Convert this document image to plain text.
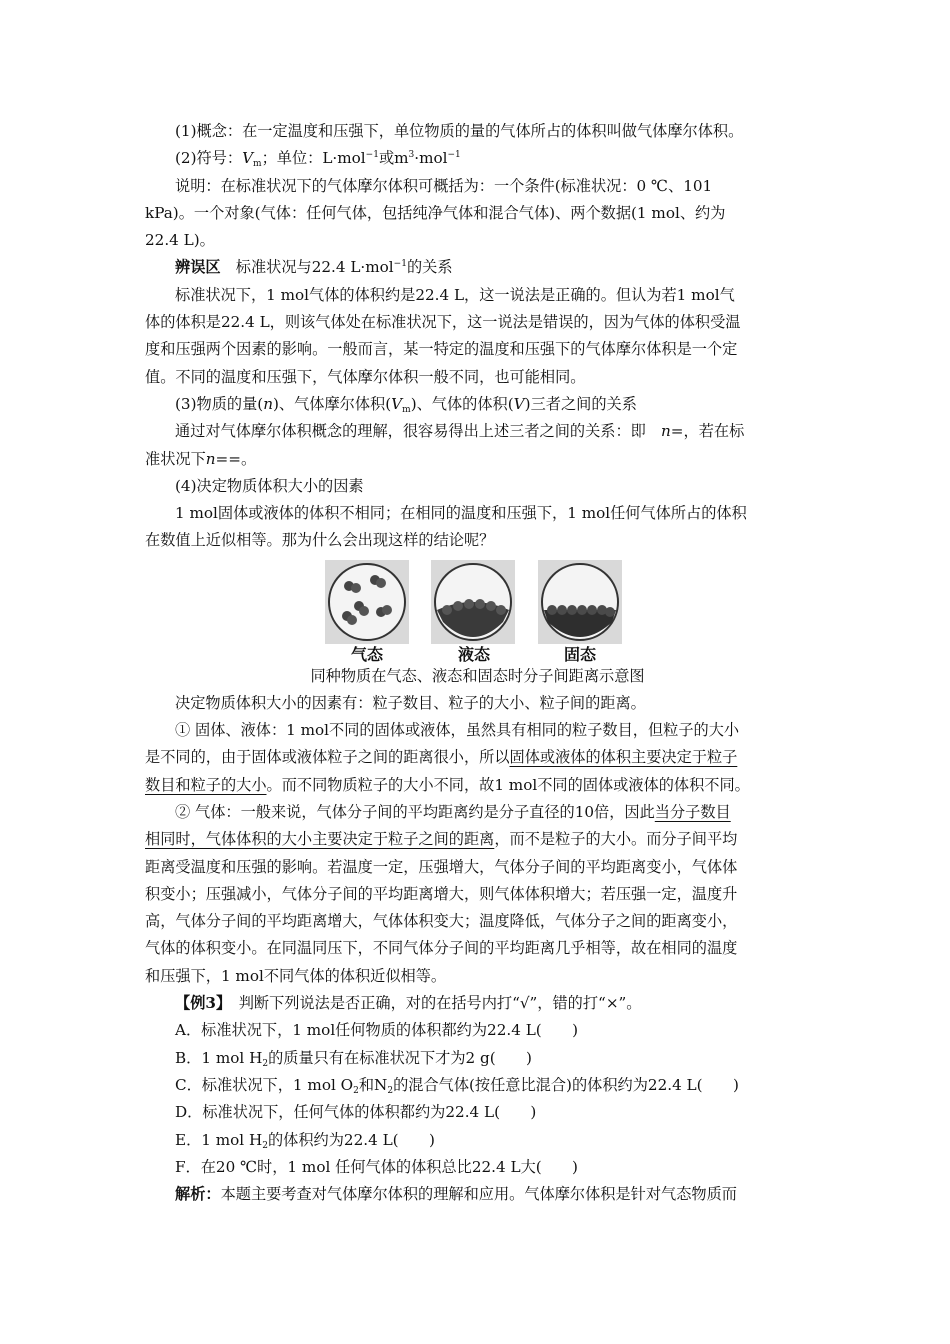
(1)概念：在一定温度和压强下，单位物质的量的气体所占的体积叫做气体摩尔体积。
(2)符号：$V_m$；单位：L·mol$^{-1}$或$m^3\cdot mol^{-1}$
说明：在标准状况下的气体摩尔体积可概括为：一个条件(标准状况：0 ℃、101
kPa)。一个对象(气体：任何气体，包括纯净气体和混合气体)、两个数据(1 mol、约为
22.4 L)。
辨误区　标准状况与22.4 L·mol$^{-1}$的关系
标准状况下，1 mol气体的体积约是22.4 L，这一说法是正确的。但认为若1 mol气
体的体积是22.4 L，则该气体处在标准状况下，这一说法是错误的，因为气体的体积受温
度和压强两个因素的影响。一般而言，某一特定的温度和压强下的气体摩尔体积是一个定
值。不同的温度和压强下，气体摩尔体积一般不同，也可能相同。
(3)物质的量(n)、气体摩尔体积$(V_m)$、气体的体积(V)三者之间的关系
通过对气体摩尔体积概念的理解，很容易得出上述三者之间的关系：即　 n=，若在标
准状况下n==。
(4)决定物质体积大小的因素
1 mol固体或液体的体积不相同；在相同的温度和压强下，1 mol任何气体所占的体积
在数值上近似相等。那为什么会出现这样的结论呢？
气态	液态	固态
同种物质在气态、液态和固态时分子间距离示意图
决定物质体积大小的因素有：粒子数目、粒子的大小、粒子间的距离。
① 固体、液体：1 mol不同的固体或液体，虽然具有相同的粒子数目，但粒子的大小
是不同的，由于固体或液体粒子之间的距离很小，所以固体或液体的体积主要决定于粒子
数目和粒子的大小。而不同物质粒子的大小不同，故1 mol不同的固体或液体的体积不同。
② 气体：一般来说，气体分子间的平均距离约是分子直径的10倍，因此当分子数目
相同时，气体体积的大小主要决定于粒子之间的距离，而不是粒子的大小。而分子间平均
距离受温度和压强的影响。若温度一定，压强增大，气体分子间的平均距离变小，气体体
积变小；压强减小，气体分子间的平均距离增大，则气体体积增大；若压强一定，温度升
高，气体分子间的平均距离增大，气体体积变大；温度降低，气体分子之间的距离变小，
气体的体积变小。在同温同压下，不同气体分子间的平均距离几乎相等，故在相同的温度
和压强下，1 mol不同气体的体积近似相等。
【例3】　判断下列说法是否正确，对的在括号内打“√”，错的打“×”。
A．标准状况下，1 mol任何物质的体积都约为22.4 L(　　)
B．1 mol $H_2$的质量只有在标准状况下才为2 g(　　)
C．标准状况下，1 mol $O_2$和$N_2$的混合气体(按任意比混合)的体积约为22.4 L(　　)
D．标准状况下，任何气体的体积都约为22.4 L(　　)
E．1 mol $H_2$的体积约为22.4 L(　　)
F．在20 ℃时，1 mol 任何气体的体积总比22.4 L大(　　)
解析：本题主要考查对气体摩尔体积的理解和应用。气体摩尔体积是针对气态物质而
